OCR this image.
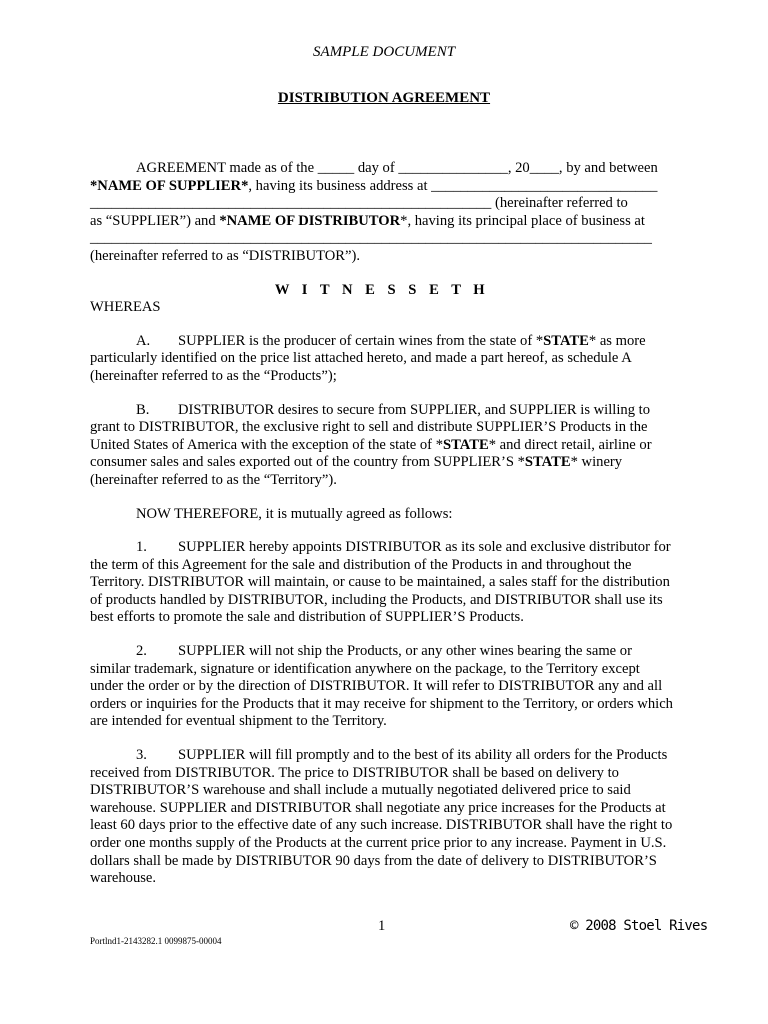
SAMPLE DOCUMENT
DISTRIBUTION AGREEMENT
AGREEMENT made as of the _____ day of _______________, 20____, by and between
*NAME OF SUPPLIER*, having its business address at _______________________________
_______________________________________________________ (hereinafter referred to
as “SUPPLIER”) and *NAME OF DISTRIBUTOR*, having its principal place of business at
_____________________________________________________________________________
(hereinafter referred to as “DISTRIBUTOR”).
W I T N E S S E T H
WHEREAS
A. SUPPLIER is the producer of certain wines from the state of *STATE* as more particularly identified on the price list attached hereto, and made a part hereof, as schedule A (hereinafter referred to as the “Products”);
B. DISTRIBUTOR desires to secure from SUPPLIER, and SUPPLIER is willing to grant to DISTRIBUTOR, the exclusive right to sell and distribute SUPPLIER’S Products in the United States of America with the exception of the state of *STATE* and direct retail, airline or consumer sales and sales exported out of the country from SUPPLIER’S *STATE* winery (hereinafter referred to as the “Territory”).
NOW THEREFORE, it is mutually agreed as follows:
1. SUPPLIER hereby appoints DISTRIBUTOR as its sole and exclusive distributor for the term of this Agreement for the sale and distribution of the Products in and throughout the Territory. DISTRIBUTOR will maintain, or cause to be maintained, a sales staff for the distribution of products handled by DISTRIBUTOR, including the Products, and DISTRIBUTOR shall use its best efforts to promote the sale and distribution of SUPPLIER’S Products.
2. SUPPLIER will not ship the Products, or any other wines bearing the same or similar trademark, signature or identification anywhere on the package, to the Territory except under the order or by the direction of DISTRIBUTOR. It will refer to DISTRIBUTOR any and all orders or inquiries for the Products that it may receive for shipment to the Territory, or orders which are intended for eventual shipment to the Territory.
3. SUPPLIER will fill promptly and to the best of its ability all orders for the Products received from DISTRIBUTOR. The price to DISTRIBUTOR shall be based on delivery to DISTRIBUTOR’S warehouse and shall include a mutually negotiated delivered price to said warehouse. SUPPLIER and DISTRIBUTOR shall negotiate any price increases for the Products at least 60 days prior to the effective date of any such increase. DISTRIBUTOR shall have the right to order one months supply of the Products at the current price prior to any increase. Payment in U.S. dollars shall be made by DISTRIBUTOR 90 days from the date of delivery to DISTRIBUTOR’S warehouse.
1	© 2008 Stoel Rives
Portlnd1-2143282.1 0099875-00004
